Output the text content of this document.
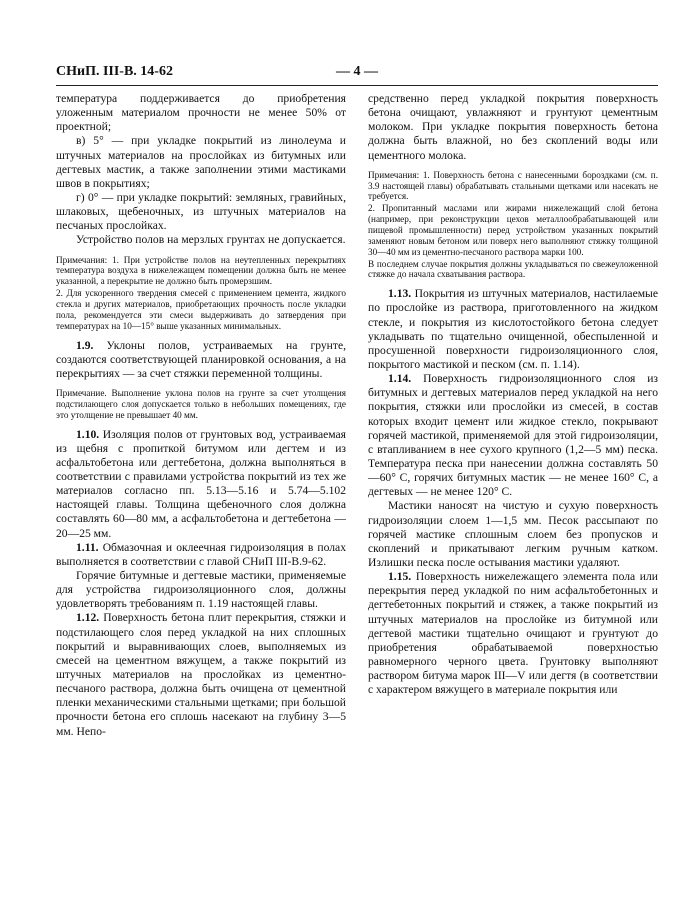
СНиП. III-В. 14-62	— 4 —

температура поддерживается до приобретения уложенным материалом прочности не менее 50% от проектной;

в) 5° — при укладке покрытий из линолеума и штучных материалов на прослойках из битумных или дегтевых мастик, а также заполнении этими мастиками швов в покрытиях;

г) 0° — при укладке покрытий: земляных, гравийных, шлаковых, щебеночных, из штучных материалов на песчаных прослойках.

Устройство полов на мерзлых грунтах не допускается.

Примечания: 1. При устройстве полов на неутепленных перекрытиях температура воздуха в нижележащем помещении должна быть не менее указанной, а перекрытие не должно быть промерзшим.

2. Для ускоренного твердения смесей с применением цемента, жидкого стекла и других материалов, приобретающих прочность после укладки пола, рекомендуется эти смеси выдерживать до затвердения при температурах на 10—15° выше указанных минимальных.

1.9. Уклоны полов, устраиваемых на грунте, создаются соответствующей планировкой основания, а на перекрытиях — за счет стяжки переменной толщины.

Примечание. Выполнение уклона полов на грунте за счет утолщения подстилающего слоя допускается только в небольших помещениях, где это утолщение не превышает 40 мм.

1.10. Изоляция полов от грунтовых вод, устраиваемая из щебня с пропиткой битумом или дегтем и из асфальтобетона или дегтебетона, должна выполняться в соответствии с правилами устройства покрытий из тех же материалов согласно пп. 5.13—5.16 и 5.74—5.102 настоящей главы. Толщина щебеночного слоя должна составлять 60—80 мм, а асфальтобетона и дегтебетона — 20—25 мм.

1.11. Обмазочная и оклеечная гидроизоляция в полах выполняется в соответствии с главой СНиП III-В.9-62.

Горячие битумные и дегтевые мастики, применяемые для устройства гидроизоляционного слоя, должны удовлетворять требованиям п. 1.19 настоящей главы.

1.12. Поверхность бетона плит перекрытия, стяжки и подстилающего слоя перед укладкой на них сплошных покрытий и выравнивающих слоев, выполняемых из смесей на цементном вяжущем, а также покрытий из штучных материалов на прослойках из цементно-песчаного раствора, должна быть очищена от цементной пленки механическими стальными щетками; при большой прочности бетона его сплошь насекают на глубину 3—5 мм. Непо-

средственно перед укладкой покрытия поверхность бетона очищают, увлажняют и грунтуют цементным молоком. При укладке покрытия поверхность бетона должна быть влажной, но без скоплений воды или цементного молока.

Примечания: 1. Поверхность бетона с нанесенными бороздками (см. п. 3.9 настоящей главы) обрабатывать стальными щетками или насекать не требуется.

2. Пропитанный маслами или жирами нижележащий слой бетона (например, при реконструкции цехов металлообрабатывающей или пищевой промышленности) перед устройством указанных покрытий заменяют новым бетоном или поверх него выполняют стяжку толщиной 30—40 мм из цементно-песчаного раствора марки 100.

В последнем случае покрытия должны укладываться по свежеуложенной стяжке до начала схватывания раствора.

1.13. Покрытия из штучных материалов, настилаемые по прослойке из раствора, приготовленного на жидком стекле, и покрытия из кислотостойкого бетона следует укладывать по тщательно очищенной, обеспыленной и просушенной поверхности гидроизоляционного слоя, покрытого мастикой и песком (см. п. 1.14).

1.14. Поверхность гидроизоляционного слоя из битумных и дегтевых материалов перед укладкой на него покрытия, стяжки или прослойки из смесей, в состав которых входит цемент или жидкое стекло, покрывают горячей мастикой, применяемой для этой гидроизоляции, с втапливанием в нее сухого крупного (1,2—5 мм) песка. Температура песка при нанесении должна составлять 50—60° С, горячих битумных мастик — не менее 160° С, а дегтевых — не менее 120° С.

Мастики наносят на чистую и сухую поверхность гидроизоляции слоем 1—1,5 мм. Песок рассыпают по горячей мастике сплошным слоем без пропусков и скоплений и прикатывают легким ручным катком. Излишки песка после остывания мастики удаляют.

1.15. Поверхность нижележащего элемента пола или перекрытия перед укладкой по ним асфальтобетонных и дегтебетонных покрытий и стяжек, а также покрытий из штучных материалов на прослойке из битумной или дегтевой мастики тщательно очищают и грунтуют до приобретения обрабатываемой поверхностью равномерного черного цвета. Грунтовку выполняют раствором битума марок III—V или дегтя (в соответствии с характером вяжущего в материале покрытия или
